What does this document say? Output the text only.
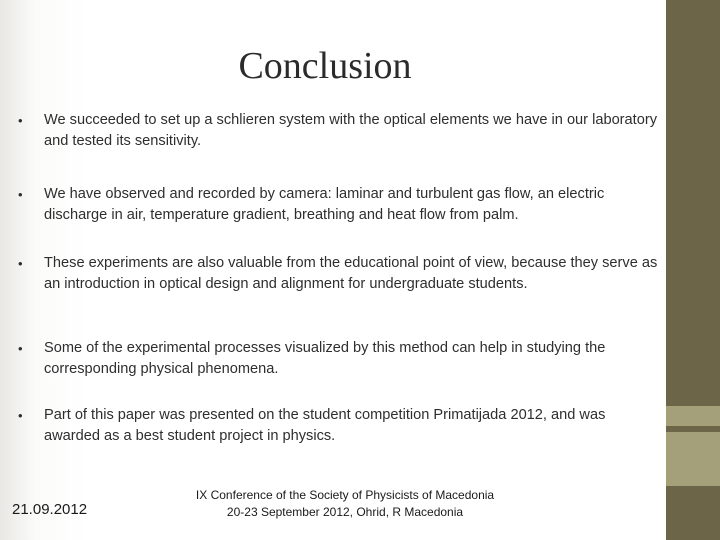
Conclusion
•	We succeeded to set up a schlieren system with the optical elements we have in our laboratory and tested its sensitivity.
•	We have observed and recorded by camera: laminar and turbulent gas flow, an electric discharge in air, temperature gradient, breathing and heat flow from palm.
•	These experiments are also valuable from the educational point of view, because they serve as an introduction in optical design and alignment for undergraduate students.
•	Some of the experimental processes visualized by this method can help in studying the corresponding physical phenomena.
•	Part of this paper was presented on the student competition Primatijada 2012, and was awarded as a best student project in physics.
21.09.2012
IX Conference of the Society of Physicists of Macedonia
20-23 September 2012, Ohrid, R Macedonia
